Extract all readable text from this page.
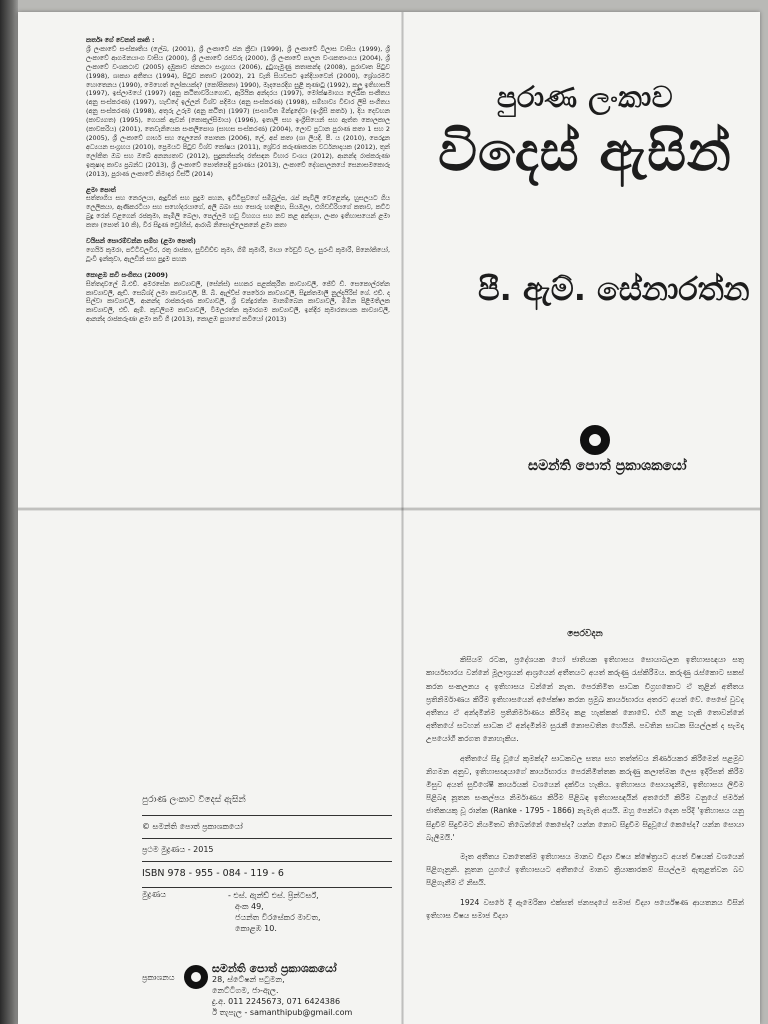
කර්තෘ ගේ වෙනත් කෘති :

ශ්‍රී ලංකාවේ සංස්කෘතිය (ලේඛ, (2001), ශ්‍රී ලංකාවේ ජන ක්‍රීඩා (1999), ශ්‍රී ලංකාවේ විලාස වාසිය (1999), ශ්‍රී ලංකාවේ ආගමනයාංග වාසිය (2000), ශ්‍රී ලංකාවේ රජවරු (2000), ශ්‍රී ලංකාවේ පාලන වංශකතාංගය (2004), ශ්‍රී ලංකාවේ වංශකථාව (2005) දඹුකාව ජනකථා සංග්‍රහය (2006), දුටුගැමුණු කතාකන්ද (2008), පුරාවෘත පිටුව (1998), ශාක්‍යා අතීතය (1994), පිටුව කතාව (2002), 21 වැනි සියවසට ඉන්දියාවෙන් (2000), ශ්‍රේශරමට හොතෙනය (1990), මෙහෙත් ලෝකයක්ද? (කෝපිකතා) 1990), මැදපෙරදිග සුළි කුණාටු (1992), කලු ඉතිහාසයි (1997), ඉස්ලාමයේ (1997) (අනු කථිතාවරියගොඩ, ඇරියික අන්දරය (1997), මෝක්ෂමාගය ලේඛික සංකීතය (අනු සංස්කරණ) (1997), හැඩ්දේ ඉල්ලන් විශ්ව පදිමය (අනු සංස්කරණ) (1998), සම්භාව්‍ය විචාර ලිපි සංගීතය (අනු සංස්කරණ) (1998), අතුරු උරුම (අනු කථිත) (1997) (සංභාවිත මින්ද්‍රදේවා (ඉංග්‍රීසි කර්ත) ), දිය දෙවඟන (කාව්‍යගත) (1995), ගෙයක් ඇවන් (කොකුල්සිමාය) (1996), ඉතාලි සහ ඉංග්‍රීසියෙන් සහ ඇත්ත කොලකාල (කාවකරිය) (2001), තෙවැනියෙක සංකලිපොශ (සාහස සංස්කරණ) (2004), ලොව ප්‍රධාන පුරාණ කතා 1 සහ 2 (2005), ශ්‍රී ලංකාවේ ගාර්භ සහ දොලනෝ පොතක (2006), ලේ, අප් කතා (ශා ලියදි. පී. ය (2010), පෙරදුන අධ්‍යයන සංග්‍රහය (2010), ප්‍රෙමයට පිටුව විශ්ව කෝෂය (2011), ශ්‍රේවර කරුණාකරන වර්ධනාදායක (2012), තුන් ලෝකිත ඔබ සහ ඔබේ අනන්‍යතාව (2012), සුදුකන්සන්ද රත්සඳන විහාර වංශය (2012), ආනන්ද රාජකරුණා ඉකුෂාද කාව්‍ය ප්‍රබන්ධ (2013), ශ්‍රී ලංකාවේ පොත්පෙදි පුරාණය (2013), ලංකාවේ දේශපාලනයේ සෙනාසමකොරු (2013), පුරාණ ලංකාවේ නිමාදාර විස්ථි (2014)

ළමා පොත්

සත්තාගිය සහ නෙරලයා, ඇදුවීන් සහ පුදුම පහන, ඉට්ටිසුවගේ සමිබුල්ප, රැප් කැවිලි වෙළෙන්දා, හුසලයට ගිය ලෙලිකයා, ඇණිකරටියා සහ සහෝදරයාගේ, අලි බබා සහ සොරු හතළිහ, සියඹලා, එහිඩඩිරියගේ කතාව, කට්ට බුදු රෙන් වළගෙන් රජකුමා, කැමිලි බෙලා, පෙල්ලම හඩු විහගය සහ නව කළ අන්දයා, ලංකා ඉතිහාසයෙන් ළමා කතා (පොත් 10 කි), වීර සිදුණ ඩ්‍රෝහිස්, ආරාබි නිසොල්ලෙකනේ ළමා කතා

වයිසන් සොරම්වන්න සම්භ (ළමා පොත්)

ගෙයිර් කුමරා, පට්ටිවලවීර, රතු රාජකා, සුවිඩිච්ච කුමා, ගිම් කුමාරී, මායා රේඩුවි වල, සුරංඩි කුමාරී, පිනෝකියෝ, ටූංවි ඉන්කුවා, ඇලඩින් සහ පුදුම පහන

කොළඹ කවි සංගිතය (2009)

සිත්තදාවලේ බී.එච්. අමරසේන කාව්‍යාවලී, (සේන්ස්) සහකර පළක්කුරීත කාව්‍යාවලී, ජේව් ඩ්. සෙකොල්රත්න කාව්‍යාවලී, ඇඩ්. සෙබ්ශ්ද් ලමා කාව්‍යාවලී, පී. බී. ඇල්ව්ස් පෙරේරා කාව්‍යාවලී, සිදුක්තමාලී නුල්දයිරිස් ශේ. එච්. ද සිල්වා කාව්‍යාවලී, ආනන්ද රාජකරුණ කාව්‍යාවලී, ශ්‍රී චන්ද්‍රරත්න මානම්බෙන කාව්‍යාවලී, මිමින පිළිමතිලක කාව්‍යාවලී, එච්. ඇම්. කුඩලිගම කාව්‍යාවලී, විමලරත්න කුමාරගම කාව්‍යාවලී, ඉන්දිර කුමාරතායක කාව්‍යාවලී, ආනන්ද රාජකරුණා ළමා කවි ගී (2013), කොළඹ පුහාගේ කවියෝ (2013)

පුරාණ ලංකාව
විදෙස් ඇසින්
පී. ඇම්. සේනාරත්න
සමන්ති පොත් ප්‍රකාශකයෝ
පුරාණ ලංකාව විදෙස් ඇසින්
© සමන්ති පොත් ප්‍රකාශකයෝ
ප්‍රථම මුද්‍රණය - 2015
ISBN 978 - 955 - 084 - 119 - 6
මුද්‍රණය	- එස්. ඇන්ඩ් එස්. ප්‍රින්ටර්ස්,
අංක 49,
ජයන්ත වීරසේකර මාවත,
කොළඹ 10.
ප්‍රකාශනය
සමන්ති පොත් ප්‍රකාශකයෝ
28, ස්ටේෂන් පටුමන,
නෙට්ටිගම, ජා-ඇල.
දු.අ. 011 2245673, 071 6424386
ඊ තැපැල - samanthipub@gmail.com
පෙරවදන

කිසියම් රටක, ප්‍රදේශයක හෝ ජාතියක ඉතිහාසය සොයාබලන ඉතිහාසඥයා සතු කාර්යභාරය වන්නේ මූලාශ්‍රයන් ආශ්‍රයෙන් අතීතයට අයත් කරුණු රැස්කිරීමය. කරුණු රැස්කොට සකස් කරන සංකලනය ද ඉතිහාසය වන්නේ නැත. පෙරනිමිත සාධක විග්‍රහකොට ඒ තුළින් අතීතය ප්‍රතිනිර්මාණය කිරීම ඉතිහාසයෙන් අපේක්ෂා කරන ප්‍රමුඛ කාර්යභාරය අතරට අයත් වේ. පෙසේ වුවද අතීතය ඒ අන්දමින්ම ප්‍රතිනිර්මාණය කිරීමද කළ හැක්කක් නොවේ. එහි කළ හැකි තොවන්නේ අතීතයේ සටහන් සාධක ඒ අන්දමින්ම සුරැකී නොපවතින හෙයිනි. පවතින සාධක සියල්ලක් ද සැමදා උපයෝගී කරගත නොහැකිය.

අතීතයේ සිදු වූයේ කුමක්ද? සාධකවල සත්‍ය සහ තත්ත්වය නිර්ණයකර කිරීමෙන් පළමුව නිගමන අනුව, ඉතිහාසඥයාගේ කාර්යභාරය පෙරනිමිත්තක කරුණු කලාත්මක ලෙස ඉදිරිපත් කිරීම මිසුව අයත් සුවිශේෂී කාර්යයක් වශයෙන් දක්විය හැකිය. ඉතිහාසය සොයාදැනීම, ඉතිහාසය ලිවීම පිළිබඳ නූතන සංකල්පය නිර්මාණය කිරීම පිළිබඳ ඉතිහාසඥයින් අතරෙහි කිරීම වනුයේ ජර්මන් ජාතිකයකු වූ රාන්ක (Ranke - 1795 - 1866) නැමැති අයයි. ඔහු පෙන්වා දෙන පරිදි 'ඉතිහාසය යනු සිදුවීම් සිදුවීමට නියමිතව තිබෙන්නේ කෙසේද? යන්න නොව සිදුවීම සිදුවූයේ කෙසේද? යන්න සොයා බැලීමයි.'

මෑත අතීතය වනතෙක්ම ඉතිහාසය මානව විද්‍යා විෂය ක්ෂේත්‍රයට අයත් විෂයක් වශයෙන් පිළිගැනුනි. නූතන යුගයේ ඉතිහාසයට අතීතයේ මානව ක්‍රියාකාරකම් සියල්ලම ඇතුළත්වන බව පිළිගැනීම ඒ නිසයි.

1924 වසරේ දී ඇමෙරිකා එක්සත් ජනපදයේ සමාජ විද්‍යා පර්යේෂණ ආයතනය විසින් ඉතිහාස විෂය සමාජ විද්‍යා
